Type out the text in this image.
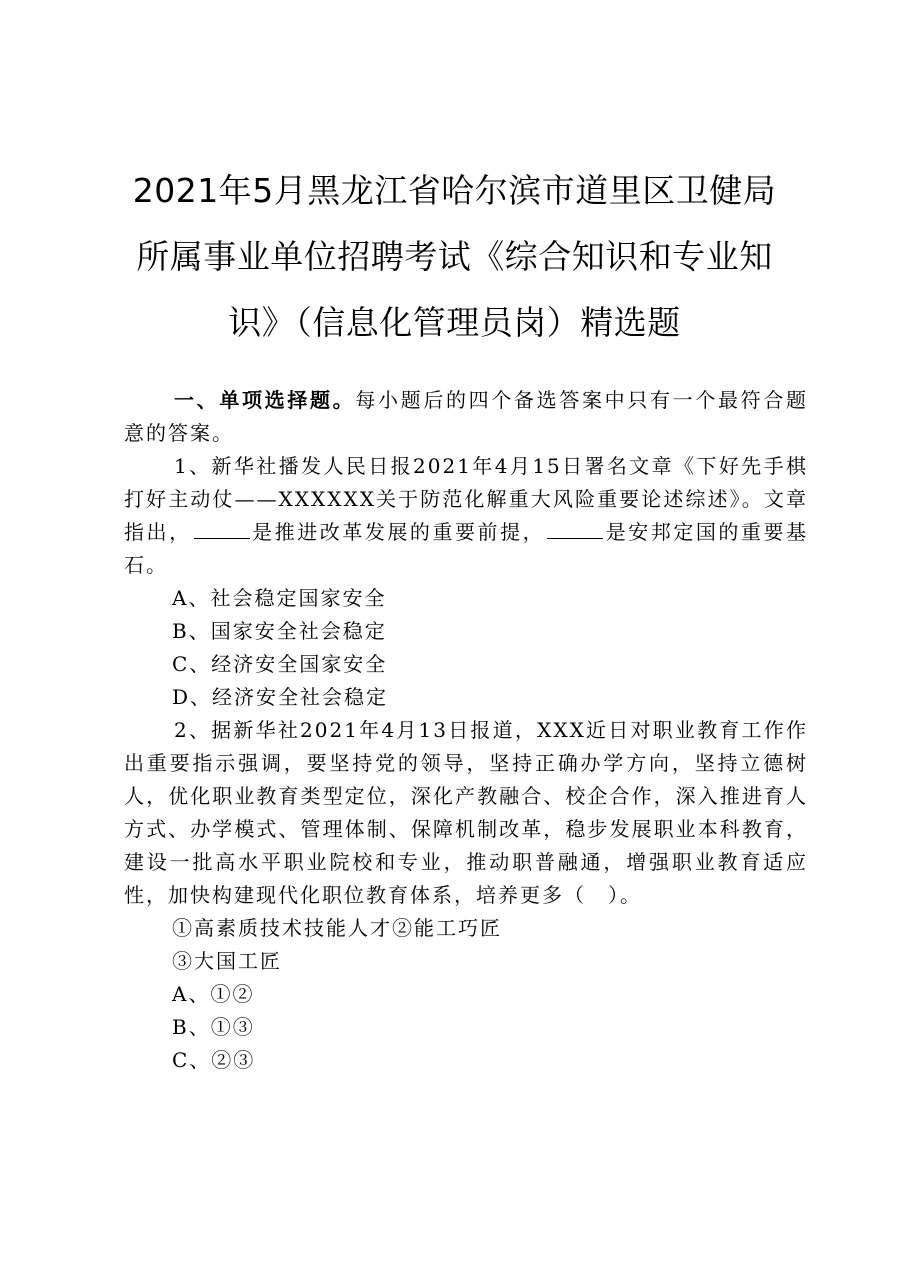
2021年5月黑龙江省哈尔滨市道里区卫健局
所属事业单位招聘考试《综合知识和专业知
识》（信息化管理员岗）精选题

一、单项选择题。每小题后的四个备选答案中只有一个最符合题意的答案。

1、新华社播发人民日报2021年4月15日署名文章《下好先手棋打好主动仗——XXXXXX关于防范化解重大风险重要论述综述》。文章指出，	是推进改革发展的重要前提，	是安邦定国的重要基石。

A、社会稳定国家安全

B、国家安全社会稳定

C、经济安全国家安全

D、经济安全社会稳定

2、据新华社2021年4月13日报道，XXX近日对职业教育工作作出重要指示强调，要坚持党的领导，坚持正确办学方向，坚持立德树人，优化职业教育类型定位，深化产教融合、校企合作，深入推进育人方式、办学模式、管理体制、保障机制改革，稳步发展职业本科教育，建设一批高水平职业院校和专业，推动职普融通，增强职业教育适应性，加快构建现代化职位教育体系，培养更多（　）。

①高素质技术技能人才②能工巧匠

③大国工匠

A、①②

B、①③

C、②③
